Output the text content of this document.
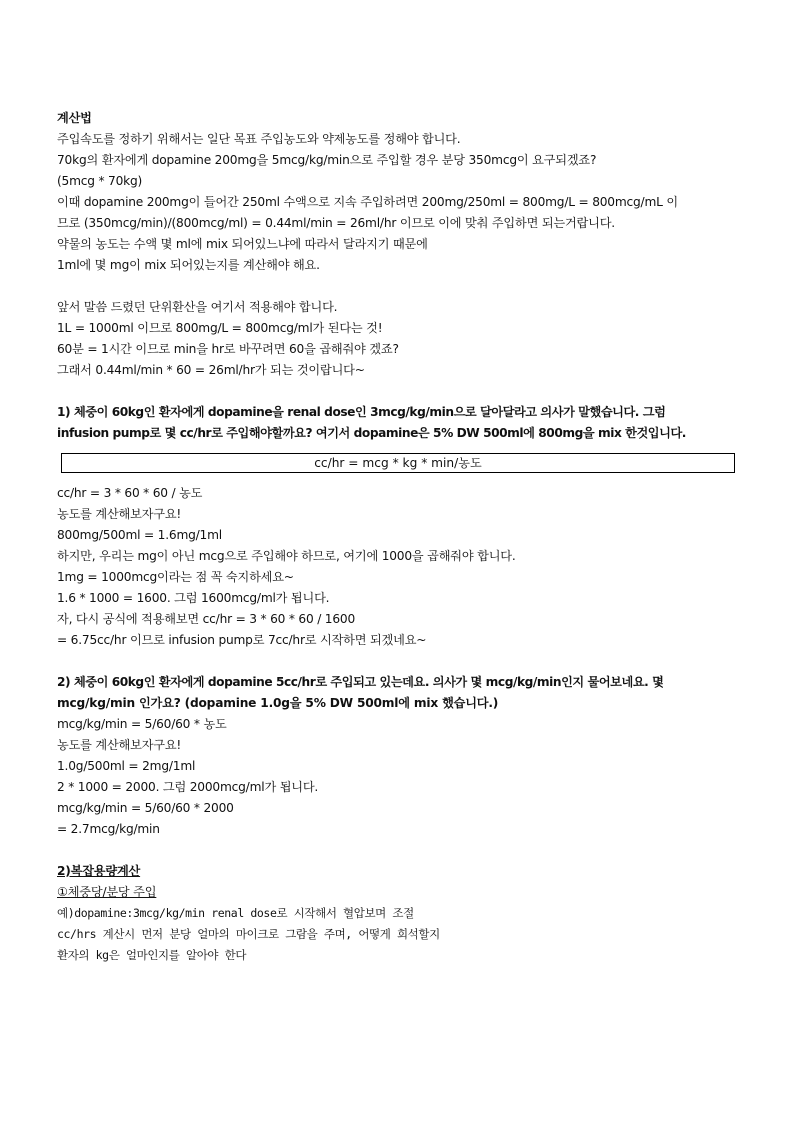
계산법
주입속도를 정하기 위해서는 일단 목표 주입농도와 약제농도를 정해야 합니다.
70kg의 환자에게 dopamine 200mg을 5mcg/kg/min으로 주입할 경우 분당 350mcg이 요구되겠죠?
(5mcg * 70kg)
이때 dopamine 200mg이 들어간 250ml 수액으로 지속 주입하려면 200mg/250ml = 800mg/L = 800mcg/mL 이
므로 (350mcg/min)/(800mcg/ml) = 0.44ml/min = 26ml/hr 이므로 이에 맞춰 주입하면 되는거랍니다.
약물의 농도는 수액 몇 ml에 mix 되어있느냐에 따라서 달라지기 때문에
1ml에 몇 mg이 mix 되어있는지를 계산해야 해요.
앞서 말씀 드렸던 단위환산을 여기서 적용해야 합니다.
1L = 1000ml 이므로 800mg/L = 800mcg/ml가 된다는 것!
60분 = 1시간 이므로 min을 hr로 바꾸려면 60을 곱해줘야 겠죠?
그래서 0.44ml/min * 60 = 26ml/hr가 되는 것이랍니다~
1) 체중이 60kg인 환자에게 dopamine을 renal dose인 3mcg/kg/min으로 달아달라고 의사가 말했습니다. 그럼
infusion pump로 몇 cc/hr로 주입해야할까요? 여기서 dopamine은 5% DW 500ml에 800mg을 mix 한것입니다.
cc/hr = mcg * kg * min/농도
cc/hr = 3 * 60 * 60 / 농도
농도를 계산해보자구요!
800mg/500ml = 1.6mg/1ml
하지만, 우리는 mg이 아닌 mcg으로 주입해야 하므로, 여기에 1000을 곱해줘야 합니다.
1mg = 1000mcg이라는 점 꼭 숙지하세요~
1.6 * 1000 = 1600. 그럼 1600mcg/ml가 됩니다.
자, 다시 공식에 적용해보면 cc/hr = 3 * 60 * 60 / 1600
= 6.75cc/hr 이므로 infusion pump로 7cc/hr로 시작하면 되겠네요~
2) 체중이 60kg인 환자에게 dopamine 5cc/hr로 주입되고 있는데요. 의사가 몇 mcg/kg/min인지 물어보네요. 몇
mcg/kg/min 인가요? (dopamine 1.0g을 5% DW 500ml에 mix 했습니다.)
mcg/kg/min = 5/60/60 * 농도
농도를 계산해보자구요!
1.0g/500ml = 2mg/1ml
2 * 1000 = 2000. 그럼 2000mcg/ml가 됩니다.
mcg/kg/min = 5/60/60 * 2000
= 2.7mcg/kg/min
2)복잡용량계산
①체중당/분당 주입
예)dopamine:3mcg/kg/min renal dose로 시작해서 혈압보며 조절
cc/hrs 계산시 먼저 분당 얼마의 마이크로 그람을 주며, 어떻게 희석할지
환자의 kg은 얼마인지를 알아야 한다
